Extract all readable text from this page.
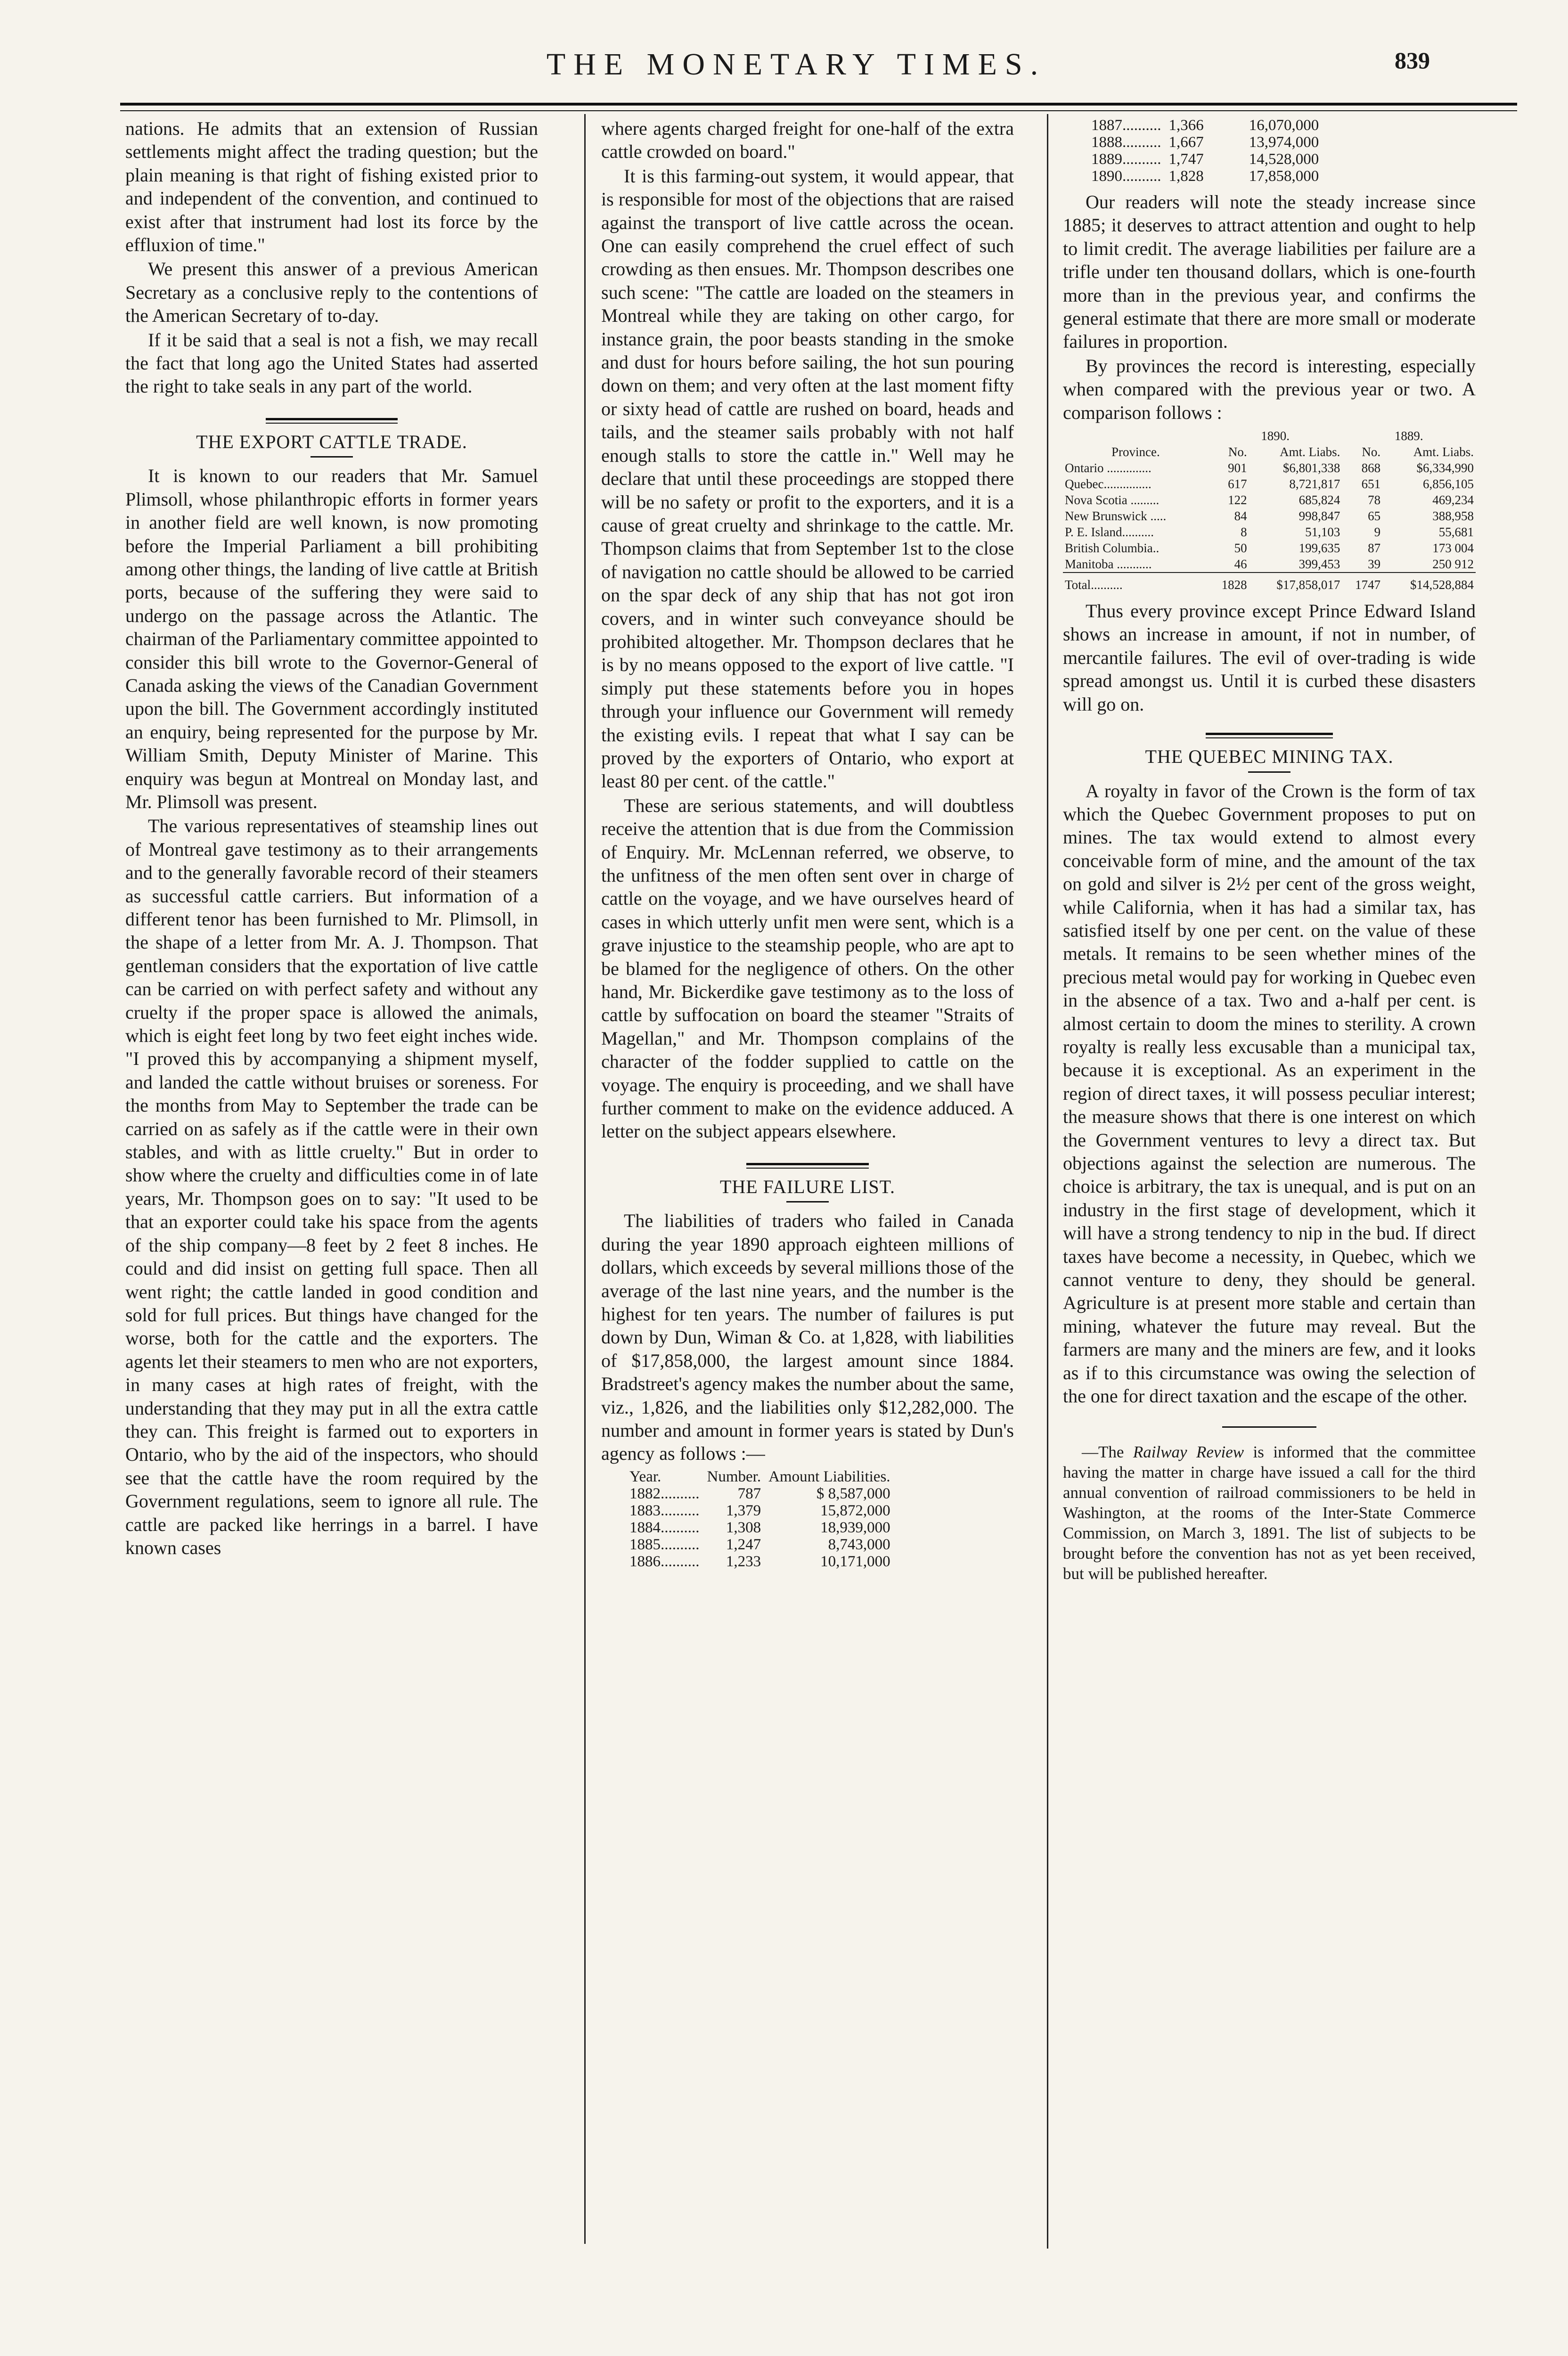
THE MONETARY TIMES.	839

nations. He admits that an extension of Russian settlements might affect the trading question; but the plain meaning is that right of fishing existed prior to and independent of the convention, and continued to exist after that instrument had lost its force by the effluxion of time."

We present this answer of a previous American Secretary as a conclusive reply to the contentions of the American Secretary of to-day.

If it be said that a seal is not a fish, we may recall the fact that long ago the United States had asserted the right to take seals in any part of the world.

THE EXPORT CATTLE TRADE.

It is known to our readers that Mr. Samuel Plimsoll, whose philanthropic efforts in former years in another field are well known, is now promoting before the Imperial Parliament a bill prohibiting among other things, the landing of live cattle at British ports, because of the suffering they were said to undergo on the passage across the Atlantic. The chairman of the Parliamentary committee appointed to consider this bill wrote to the Governor-General of Canada asking the views of the Canadian Government upon the bill. The Government accordingly instituted an enquiry, being represented for the purpose by Mr. William Smith, Deputy Minister of Marine. This enquiry was begun at Montreal on Monday last, and Mr. Plimsoll was present.

The various representatives of steamship lines out of Montreal gave testimony as to their arrangements and to the generally favorable record of their steamers as successful cattle carriers. But information of a different tenor has been furnished to Mr. Plimsoll, in the shape of a letter from Mr. A. J. Thompson. That gentleman considers that the exportation of live cattle can be carried on with perfect safety and without any cruelty if the proper space is allowed the animals, which is eight feet long by two feet eight inches wide. "I proved this by accompanying a shipment myself, and landed the cattle without bruises or soreness. For the months from May to September the trade can be carried on as safely as if the cattle were in their own stables, and with as little cruelty." But in order to show where the cruelty and difficulties come in of late years, Mr. Thompson goes on to say: "It used to be that an exporter could take his space from the agents of the ship company—8 feet by 2 feet 8 inches. He could and did insist on getting full space. Then all went right; the cattle landed in good condition and sold for full prices. But things have changed for the worse, both for the cattle and the exporters. The agents let their steamers to men who are not exporters, in many cases at high rates of freight, with the understanding that they may put in all the extra cattle they can. This freight is farmed out to exporters in Ontario, who by the aid of the inspectors, who should see that the cattle have the room required by the Government regulations, seem to ignore all rule. The cattle are packed like herrings in a barrel. I have known cases

where agents charged freight for one-half of the extra cattle crowded on board."

It is this farming-out system, it would appear, that is responsible for most of the objections that are raised against the transport of live cattle across the ocean. One can easily comprehend the cruel effect of such crowding as then ensues. Mr. Thompson describes one such scene: "The cattle are loaded on the steamers in Montreal while they are taking on other cargo, for instance grain, the poor beasts standing in the smoke and dust for hours before sailing, the hot sun pouring down on them; and very often at the last moment fifty or sixty head of cattle are rushed on board, heads and tails, and the steamer sails probably with not half enough stalls to store the cattle in." Well may he declare that until these proceedings are stopped there will be no safety or profit to the exporters, and it is a cause of great cruelty and shrinkage to the cattle. Mr. Thompson claims that from September 1st to the close of navigation no cattle should be allowed to be carried on the spar deck of any ship that has not got iron covers, and in winter such conveyance should be prohibited altogether. Mr. Thompson declares that he is by no means opposed to the export of live cattle. "I simply put these statements before you in hopes through your influence our Government will remedy the existing evils. I repeat that what I say can be proved by the exporters of Ontario, who export at least 80 per cent. of the cattle."

These are serious statements, and will doubtless receive the attention that is due from the Commission of Enquiry. Mr. McLennan referred, we observe, to the unfitness of the men often sent over in charge of cattle on the voyage, and we have ourselves heard of cases in which utterly unfit men were sent, which is a grave injustice to the steamship people, who are apt to be blamed for the negligence of others. On the other hand, Mr. Bickerdike gave testimony as to the loss of cattle by suffocation on board the steamer "Straits of Magellan," and Mr. Thompson complains of the character of the fodder supplied to cattle on the voyage. The enquiry is proceeding, and we shall have further comment to make on the evidence adduced. A letter on the subject appears elsewhere.

THE FAILURE LIST.

The liabilities of traders who failed in Canada during the year 1890 approach eighteen millions of dollars, which exceeds by several millions those of the average of the last nine years, and the number is the highest for ten years. The number of failures is put down by Dun, Wiman & Co. at 1,828, with liabilities of $17,858,000, the largest amount since 1884. Bradstreet's agency makes the number about the same, viz., 1,826, and the liabilities only $12,282,000. The number and amount in former years is stated by Dun's agency as follows :—

Year.	Number.	Amount Liabilities.
1882..........	787	$ 8,587,000
1883..........	1,379	15,872,000
1884..........	1,308	18,939,000
1885..........	1,247	8,743,000
1886..........	1,233	10,171,000
1887..........	1,366	16,070,000
1888..........	1,667	13,974,000
1889..........	1,747	14,528,000
1890..........	1,828	17,858,000

Our readers will note the steady increase since 1885; it deserves to attract attention and ought to help to limit credit. The average liabilities per failure are a trifle under ten thousand dollars, which is one-fourth more than in the previous year, and confirms the general estimate that there are more small or moderate failures in proportion.

By provinces the record is interesting, especially when compared with the previous year or two. A comparison follows :

	1890.		1889.	
Province.	No.	Amt. Liabs.	No.	Amt. Liabs.
Ontario ..............	901	$6,801,338	868	$6,334,990
Quebec...............	617	8,721,817	651	6,856,105
Nova Scotia .........	122	685,824	78	469,234
New Brunswick .....	84	998,847	65	388,958
P. E. Island..........	8	51,103	9	55,681
British Columbia..	50	199,635	87	173 004
Manitoba ...........	46	399,453	39	250 912
Total..........	1828	$17,858,017	1747	$14,528,884

Thus every province except Prince Edward Island shows an increase in amount, if not in number, of mercantile failures. The evil of over-trading is wide spread amongst us. Until it is curbed these disasters will go on.

THE QUEBEC MINING TAX.

A royalty in favor of the Crown is the form of tax which the Quebec Government proposes to put on mines. The tax would extend to almost every conceivable form of mine, and the amount of the tax on gold and silver is 2½ per cent of the gross weight, while California, when it has had a similar tax, has satisfied itself by one per cent. on the value of these metals. It remains to be seen whether mines of the precious metal would pay for working in Quebec even in the absence of a tax. Two and a-half per cent. is almost certain to doom the mines to sterility. A crown royalty is really less excusable than a municipal tax, because it is exceptional. As an experiment in the region of direct taxes, it will possess peculiar interest; the measure shows that there is one interest on which the Government ventures to levy a direct tax. But objections against the selection are numerous. The choice is arbitrary, the tax is unequal, and is put on an industry in the first stage of development, which it will have a strong tendency to nip in the bud. If direct taxes have become a necessity, in Quebec, which we cannot venture to deny, they should be general. Agriculture is at present more stable and certain than mining, whatever the future may reveal. But the farmers are many and the miners are few, and it looks as if to this circumstance was owing the selection of the one for direct taxation and the escape of the other.

—The Railway Review is informed that the committee having the matter in charge have issued a call for the third annual convention of railroad commissioners to be held in Washington, at the rooms of the Inter-State Commerce Commission, on March 3, 1891. The list of subjects to be brought before the convention has not as yet been received, but will be published hereafter.
